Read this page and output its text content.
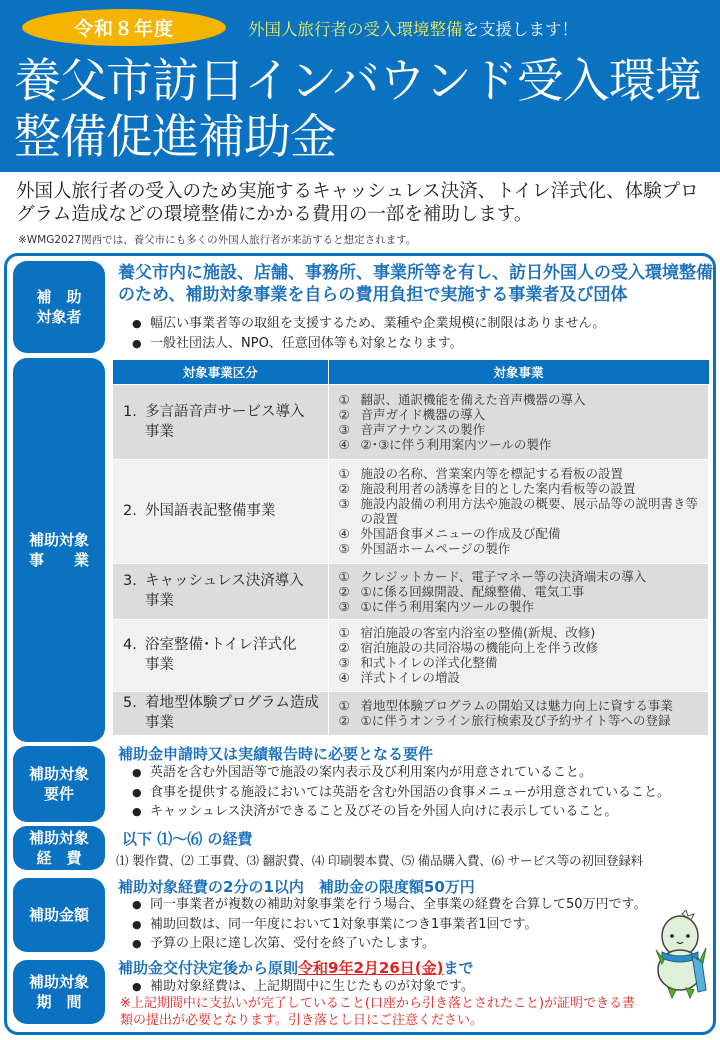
令和８年度	外国人旅行者の受入環境整備を支援します！
養父市訪日インバウンド受入環境
整備促進補助金
外国人旅行者の受入のため実施するキャッシュレス決済、トイレ洋式化、体験プログラム造成などの環境整備にかかる費用の一部を補助します。
※WMG2027関西では、養父市にも多くの外国人旅行者が来訪すると想定されます。
補　助
対象者
養父市内に施設、店舗、事務所、事業所等を有し、訪日外国人の受入環境整備のため、補助対象事業を自らの費用負担で実施する事業者及び団体
● 幅広い事業者等の取組を支援するため、業種や企業規模に制限はありません。
● 一般社団法人、NPO、任意団体等も対象となります。
補助対象
事　　業
対象事業区分	対象事業
1. 多言語音声サービス導入
事業

① 翻訳、通訳機能を備えた音声機器の導入
② 音声ガイド機器の導入
③ 音声アナウンスの製作
④ ②･③に伴う利用案内ツールの製作

2. 外国語表記整備事業	
① 施設の名称、営業案内等を標記する看板の設置
② 施設利用者の誘導を目的とした案内看板等の設置
③ 施設内設備の利用方法や施設の概要、展示品等の説明書き等の設置
④ 外国語食事メニューの作成及び配備
⑤ 外国語ホームページの製作

3. キャッシュレス決済導入
事業

① クレジットカード、電子マネー等の決済端末の導入
② ①に係る回線開設、配線整備、電気工事
③ ①に伴う利用案内ツールの製作

4. 浴室整備･トイレ洋式化
事業

① 宿泊施設の客室内浴室の整備(新規、改修)
② 宿泊施設の共同浴場の機能向上を伴う改修
③ 和式トイレの洋式化整備
④ 洋式トイレの増設

5. 着地型体験プログラム造成
事業

① 着地型体験プログラムの開始又は魅力向上に資する事業
② ①に伴うオンライン旅行検索及び予約サイト等への登録
補助対象
要件
補助金申請時又は実績報告時に必要となる要件
● 英語を含む外国語等で施設の案内表示及び利用案内が用意されていること。
● 食事を提供する施設においては英語を含む外国語の食事メニューが用意されていること。
● キャッシュレス決済ができること及びその旨を外国人向けに表示していること。
補助対象
経　費
以下 ⑴～⑹ の経費
⑴ 製作費、⑵ 工事費、⑶ 翻訳費、⑷ 印刷製本費、⑸ 備品購入費、⑹ サービス等の初回登録料
補助金額
補助対象経費の2分の1以内　補助金の限度額50万円
● 同一事業者が複数の補助対象事業を行う場合、全事業の経費を合算して50万円です。
● 補助回数は、同一年度において1対象事業につき1事業者1回です。
● 予算の上限に達し次第、受付を終了いたします。
補助対象
期　間
補助金交付決定後から原則令和9年2月26日(金)まで
● 補助対象経費は、上記期間中に生じたものが対象です。
※上記期間中に支払いが完了していること(口座から引き落とされたこと)が証明できる書
類の提出が必要となります。引き落とし日にご注意ください。
